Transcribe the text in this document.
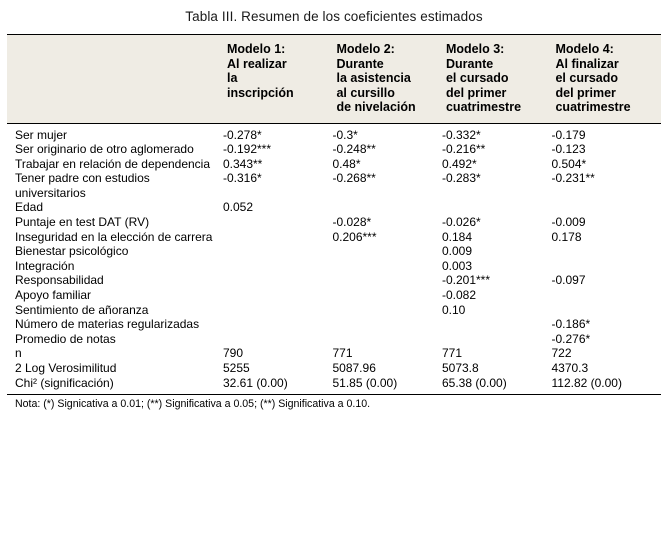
Tabla III. Resumen de los coeficientes estimados

Modelo 1:
Al realizar
la
inscripción

Modelo 2:
Durante
la asistencia
al cursillo
de nivelación

Modelo 3:
Durante
el cursado
del primer
cuatrimestre

Modelo 4:
Al finalizar
el cursado
del primer
cuatrimestre

Ser mujer	-0.278*	-0.3*	-0.332*	-0.179
Ser originario de otro aglomerado	-0.192***	-0.248**	-0.216**	-0.123
Trabajar en relación de dependencia	0.343**	0.48*	0.492*	0.504*
Tener padre con estudios universitarios	-0.316*	-0.268**	-0.283*	-0.231**
Edad	0.052			
Puntaje en test DAT (RV)		-0.028*	-0.026*	-0.009
Inseguridad en la elección de carrera		0.206***	0.184	0.178
Bienestar psicológico			0.009	
Integración			0.003	
Responsabilidad			-0.201***	-0.097
Apoyo familiar			-0.082	
Sentimiento de añoranza			0.10	
Número de materias regularizadas				-0.186*
Promedio de notas				-0.276*
n	790	771	771	722
2 Log Verosimilitud	5255	5087.96	5073.8	4370.3
Chi² (significación)	32.61 (0.00)	51.85 (0.00)	65.38 (0.00)	112.82 (0.00)

Nota: (*) Signicativa a 0.01; (**) Significativa a 0.05; (**) Significativa a 0.10.
